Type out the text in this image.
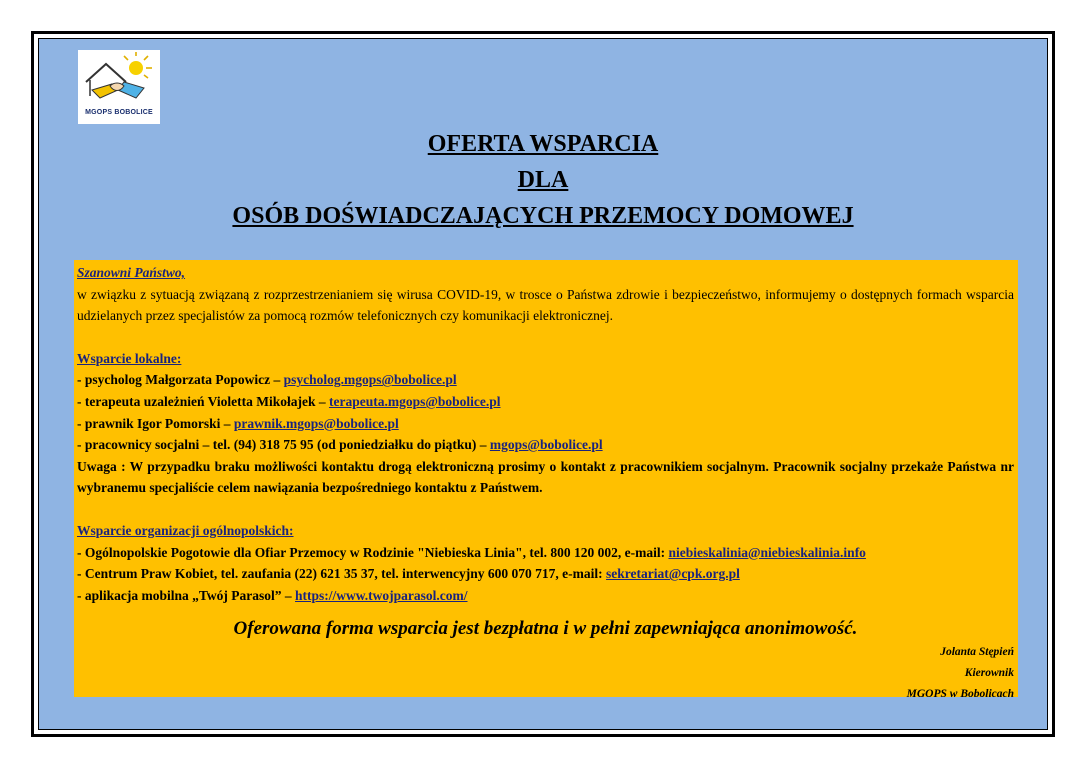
MGOPS BOBOLICE
OFERTA WSPARCIA
DLA
OSÓB DOŚWIADCZAJĄCYCH PRZEMOCY DOMOWEJ
Szanowni Państwo,
w związku z sytuacją związaną z rozprzestrzenianiem się wirusa COVID-19, w trosce o Państwa zdrowie i bezpieczeństwo, informujemy o dostępnych formach wsparcia udzielanych przez specjalistów za pomocą rozmów telefonicznych czy komunikacji elektronicznej.
Wsparcie lokalne:
- psycholog Małgorzata Popowicz – psycholog.mgops@bobolice.pl
- terapeuta uzależnień Violetta Mikołajek – terapeuta.mgops@bobolice.pl
- prawnik Igor Pomorski – prawnik.mgops@bobolice.pl
- pracownicy socjalni – tel. (94) 318 75 95 (od poniedziałku do piątku) – mgops@bobolice.pl
Uwaga : W przypadku braku możliwości kontaktu drogą elektroniczną prosimy o kontakt z pracownikiem socjalnym. Pracownik socjalny przekaże Państwa nr wybranemu specjaliście celem nawiązania bezpośredniego kontaktu z Państwem.
Wsparcie organizacji ogólnopolskich:
- Ogólnopolskie Pogotowie dla Ofiar Przemocy w Rodzinie "Niebieska Linia", tel. 800 120 002, e-mail: niebieskalinia@niebieskalinia.info
- Centrum Praw Kobiet, tel. zaufania (22) 621 35 37, tel. interwencyjny 600 070 717, e-mail: sekretariat@cpk.org.pl
- aplikacja mobilna „Twój Parasol” – https://www.twojparasol.com/
Oferowana forma wsparcia jest bezpłatna i w pełni zapewniająca anonimowość.
Jolanta Stępień
Kierownik
MGOPS w Bobolicach
